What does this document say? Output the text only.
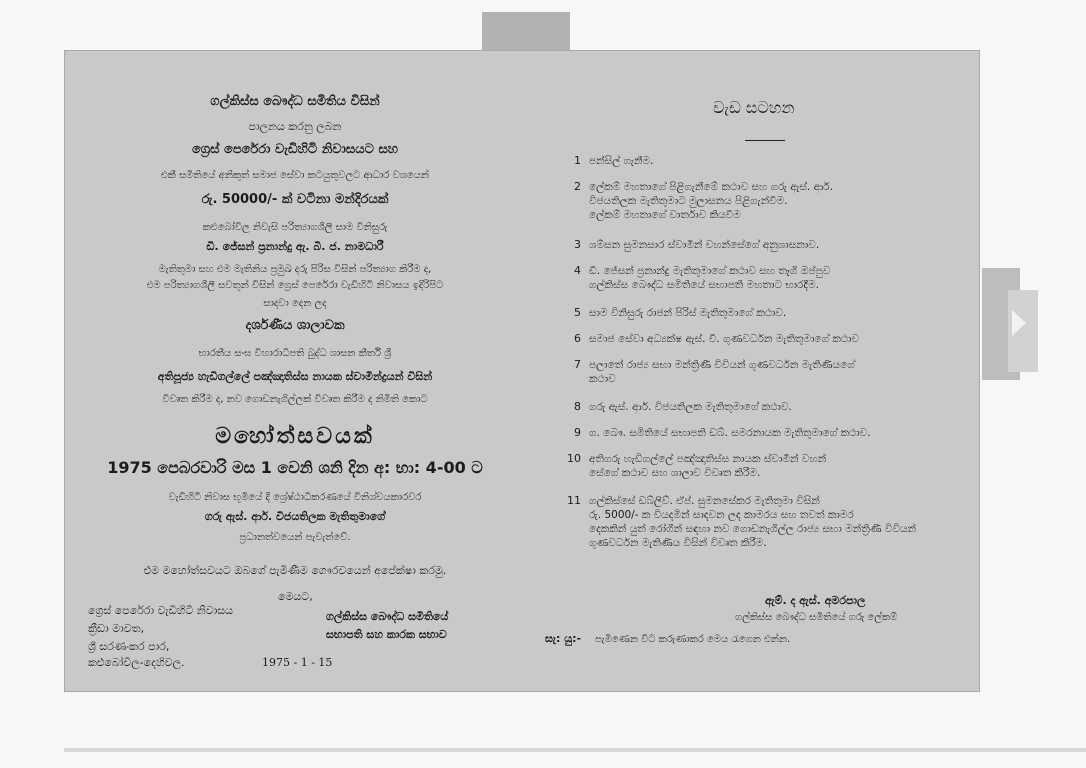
ගල්කිස්ස බෞද්ධ සමිතිය විසින්
පාලනය කරනු ලබන
ග්‍රෙස් පෙරේරා වැඩිහිටි නිවාසයට සහ
එකී සමිතියේ අනිකුත් සමාජ සේවා කටයුතුවලට ආධාර වශයෙන්
රු. 50000/- ක් වටිනා මන්දිරයක්
කළුබෝවිල නිවැසි පරිත්‍යාගශීලී සාම විනිසුරු
ඩී. ජේසන් ප්‍රනාන්දු ඇ. බී. ජ. නාමධාරී
මැතිතුමා සහ එම මැතිනිය ප්‍රමුඛ දරු පිරිස විසින් පරිත්‍යාග කිරීම ද,
එම පරිත්‍යාගශීලී සවතුන් විසින් ග්‍රෙස් පෙරේරා වැඩිහිටි නිවාසය ඉදිරිපිට
සාදවා දෙන ලද
දර්ශණීය ශාලාවක
භාරතීය සංඝ විහාරාධිපති බුද්ධ ශාසන කීර්ති ශ්‍රී
අතිපූජ්‍ය හැඩිගල්ලේ පඤ්ඤාතිස්ස නායක ස්වාමීන්ද්‍රයන් විසින්
විවෘත කිරීම ද, නව ගොඩනැගිල්ලක් විවෘත කිරීම ද නිමිති කොට
මහෝත්සවයක්
1975 පෙබරවාරි මස 1 වෙනි ශනි දින අ: භා: 4-00 ට
වැඩිහිටි නිවාස භූමියේ දී ශ්‍රේෂ්ඨාධිකරණයේ විනිශ්චයකාරවර
ගරු ඇස්. ආර්. විජයතිලක මැතිතුමාගේ
ප්‍රධානත්වයෙන් පැවැත්වේ.
එම මහෝත්සවයට ඔබගේ පැමිණීම ගෞරවයෙන් අපේක්ෂා කරමු.
මෙයට,
ග්‍රෙස් පෙරේරා වැඩිහිටි නිවාසය
ක්‍රීඩා මාවත,
ශ්‍රී සරණංකර පාර,
කළුබෝවිල-දෙහිවල.
ගල්කිස්ස බෞද්ධ සමිතියේ
සභාපති සහ කාරක සභාව
1975 - 1 - 15
වැඩ සටහන
1 පන්සිල් ගැනීම.
2 ලේකම් මහතාගේ පිළිගැනීමේ කථාව සහ ගරු ඇස්. ආර්.
විජයතිලක මැතිතුමාට මුලාසනය පිළිගැන්වීම.
ලේකම් මහතාගේ වාර්තාව කියවීම
3 ශම්සන සුමනසාර ස්වාමීන් වහන්සේගේ අනුශාසනාව.
4 ඩී. ජේසන් ප්‍රනාන්දු මැතිතුමාගේ කථාව සහ තෑගි ඔප්පුව
ගල්කිස්ස බෞද්ධ සමිතියේ සභාපති මහතාට භාරදීම.
5 සාම විනිසුරු රාජන් පිරිස් මැතිතුමාගේ කථාව.
6 සමාජ සේවා අධ්‍යක්ෂ ඇස්. වී. ගුණවර්ධන මැතිතුමාගේ කථාව
7 පලාතේ රාජ්‍ය සභා මන්ත්‍රිණී විවියන් ගුණවර්ධන මැතිණියගේ
කථාව
8 ගරු ඇස්. ආර්. විජයතිලක මැතිතුමාගේ කථාව.
9 ග. බෞ. සමිතියේ සභාපති ඩබ්. සමරනායක මැතිතුමාගේ කථාව.
10 අතිගරු හැඩිගල්ලේ පඤ්ඤාතිස්ස නායක ස්වාමීන් වහන්
සේගේ කථාව සහ ශාලාව විවෘත කිරීම.
11 ගල්කිස්සේ ඩබ්ලිව්. ඒප්. සුමනසේකර මැතිතුමා විසින්
රු. 5000/- ක වියදමින් සාදවන ලද කාමරය සහ තවත් කාමර
දෙකකින් යුත් රෝගීන් සඳහා නව ගොඩනැගිල්ල රාජ්‍ය සභා මන්ත්‍රිණී විවියන් ගුණවර්ධන මැතිණිය විසින් විවෘත කිරීම.
ඇම්. ද ඇස්. අමරපාල
ගල්කිස්ස බෞද්ධ සමිතියේ ගරු ලේකම්
සැ: යු:- පැමිණෙන විට කරුණාකර මෙය රැගෙන එන්න.
